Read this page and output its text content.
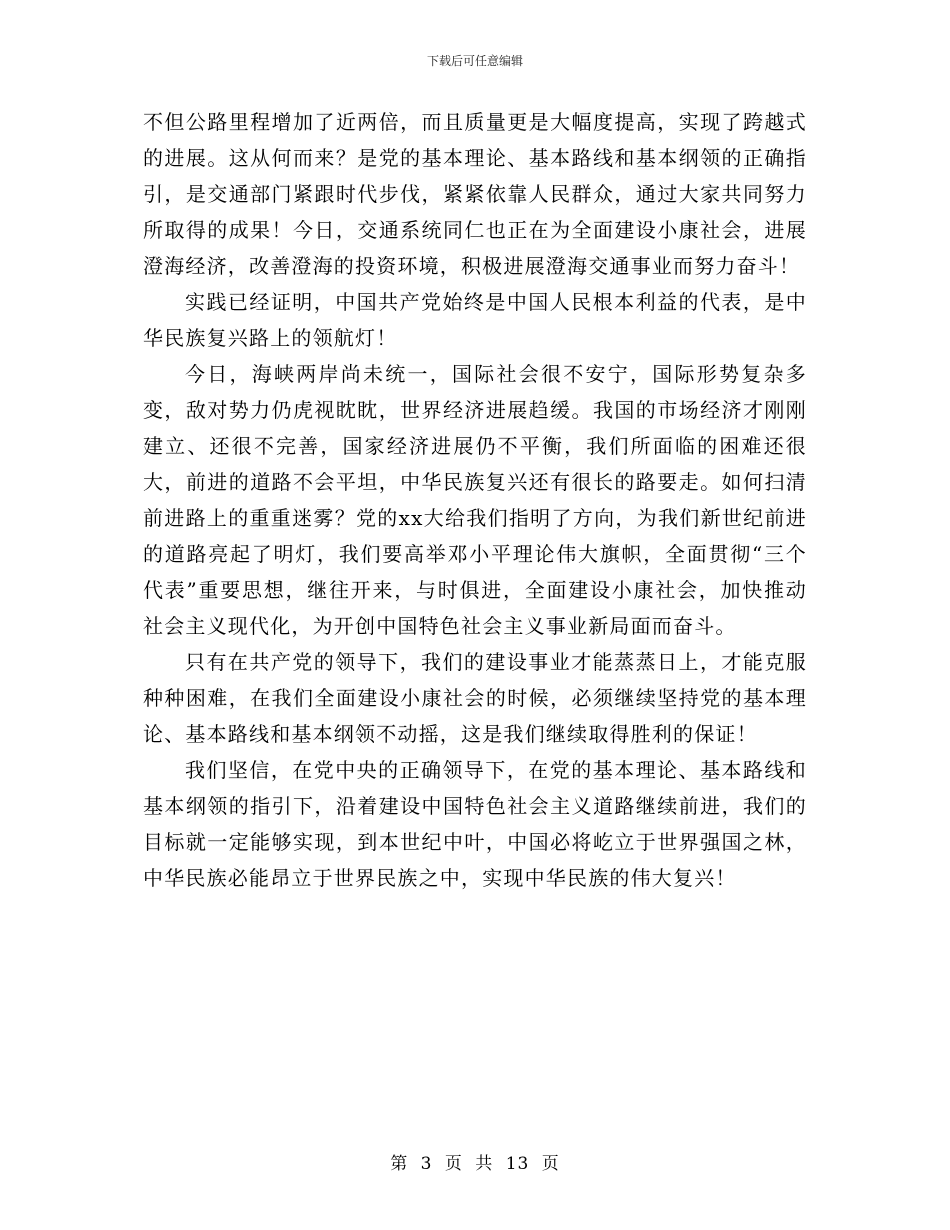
下载后可任意编辑

不但公路里程增加了近两倍，而且质量更是大幅度提高，实现了跨越式的进展。这从何而来？是党的基本理论、基本路线和基本纲领的正确指引，是交通部门紧跟时代步伐，紧紧依靠人民群众，通过大家共同努力所取得的成果！今日，交通系统同仁也正在为全面建设小康社会，进展澄海经济，改善澄海的投资环境，积极进展澄海交通事业而努力奋斗！

实践已经证明，中国共产党始终是中国人民根本利益的代表，是中华民族复兴路上的领航灯！

今日，海峡两岸尚未统一，国际社会很不安宁，国际形势复杂多变，敌对势力仍虎视眈眈，世界经济进展趋缓。我国的市场经济才刚刚建立、还很不完善，国家经济进展仍不平衡，我们所面临的困难还很大，前进的道路不会平坦，中华民族复兴还有很长的路要走。如何扫清前进路上的重重迷雾？党的xx大给我们指明了方向，为我们新世纪前进的道路亮起了明灯，我们要高举邓小平理论伟大旗帜，全面贯彻“三个代表”重要思想，继往开来，与时俱进，全面建设小康社会，加快推动社会主义现代化，为开创中国特色社会主义事业新局面而奋斗。

只有在共产党的领导下，我们的建设事业才能蒸蒸日上，才能克服种种困难，在我们全面建设小康社会的时候，必须继续坚持党的基本理论、基本路线和基本纲领不动摇，这是我们继续取得胜利的保证！

我们坚信，在党中央的正确领导下，在党的基本理论、基本路线和基本纲领的指引下，沿着建设中国特色社会主义道路继续前进，我们的目标就一定能够实现，到本世纪中叶，中国必将屹立于世界强国之林，中华民族必能昂立于世界民族之中，实现中华民族的伟大复兴！

第 3 页 共 13 页
